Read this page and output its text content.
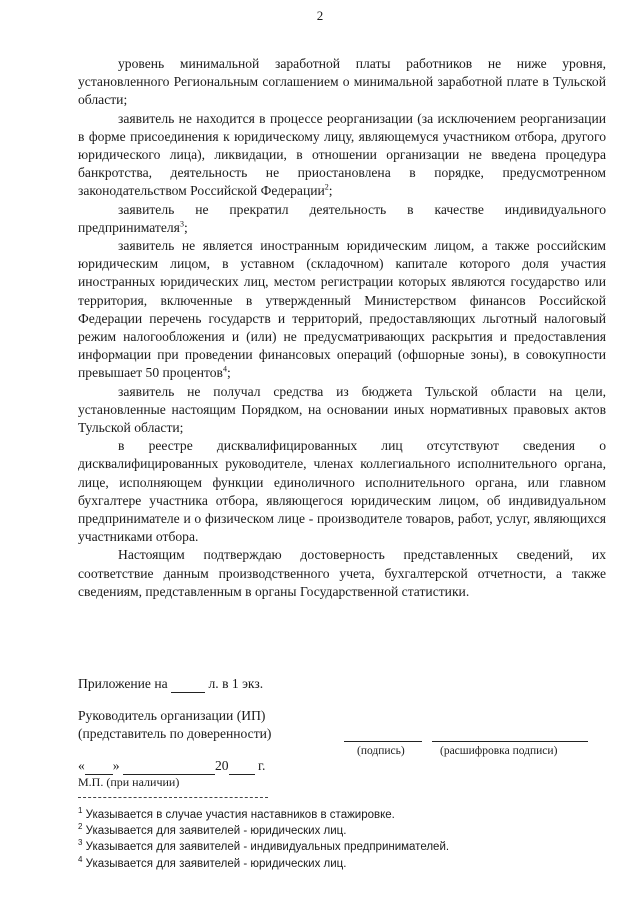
2

уровень минимальной заработной платы работников не ниже уровня, установленного Региональным соглашением о минимальной заработной плате в Тульской области;

заявитель не находится в процессе реорганизации (за исключением реорганизации в форме присоединения к юридическому лицу, являющемуся участником отбора, другого юридического лица), ликвидации, в отношении организации не введена процедура банкротства, деятельность не приостановлена в порядке, предусмотренном законодательством Российской Федерации$^2$;

заявитель не прекратил деятельность в качестве индивидуального предпринимателя$^3$;

заявитель не является иностранным юридическим лицом, а также российским юридическим лицом, в уставном (складочном) капитале которого доля участия иностранных юридических лиц, местом регистрации которых являются государство или территория, включенные в утвержденный Министерством финансов Российской Федерации перечень государств и территорий, предоставляющих льготный налоговый режим налогообложения и (или) не предусматривающих раскрытия и предоставления информации при проведении финансовых операций (офшорные зоны), в совокупности превышает 50 процентов$^4$;

заявитель не получал средства из бюджета Тульской области на цели, установленные настоящим Порядком, на основании иных нормативных правовых актов Тульской области;

в реестре дисквалифицированных лиц отсутствуют сведения о дисквалифицированных руководителе, членах коллегиального исполнительного органа, лице, исполняющем функции единоличного исполнительного органа, или главном бухгалтере участника отбора, являющегося юридическим лицом, об индивидуальном предпринимателе и о физическом лице - производителе товаров, работ, услуг, являющихся участниками отбора.

Настоящим подтверждаю достоверность представленных сведений, их соответствие данным производственного учета, бухгалтерской отчетности, а также сведениям, представленным в органы Государственной статистики.

Приложение на	л. в 1 экз.
Руководитель организации (ИП)
(представитель по доверенности)
(подпись)	(расшифровка подписи)
« »	20 г.
М.П. (при наличии)
$^1$ Указывается в случае участия наставников в стажировке.
$^2$ Указывается для заявителей - юридических лиц.
$^3$ Указывается для заявителей - индивидуальных предпринимателей.
$^4$ Указывается для заявителей - юридических лиц.
